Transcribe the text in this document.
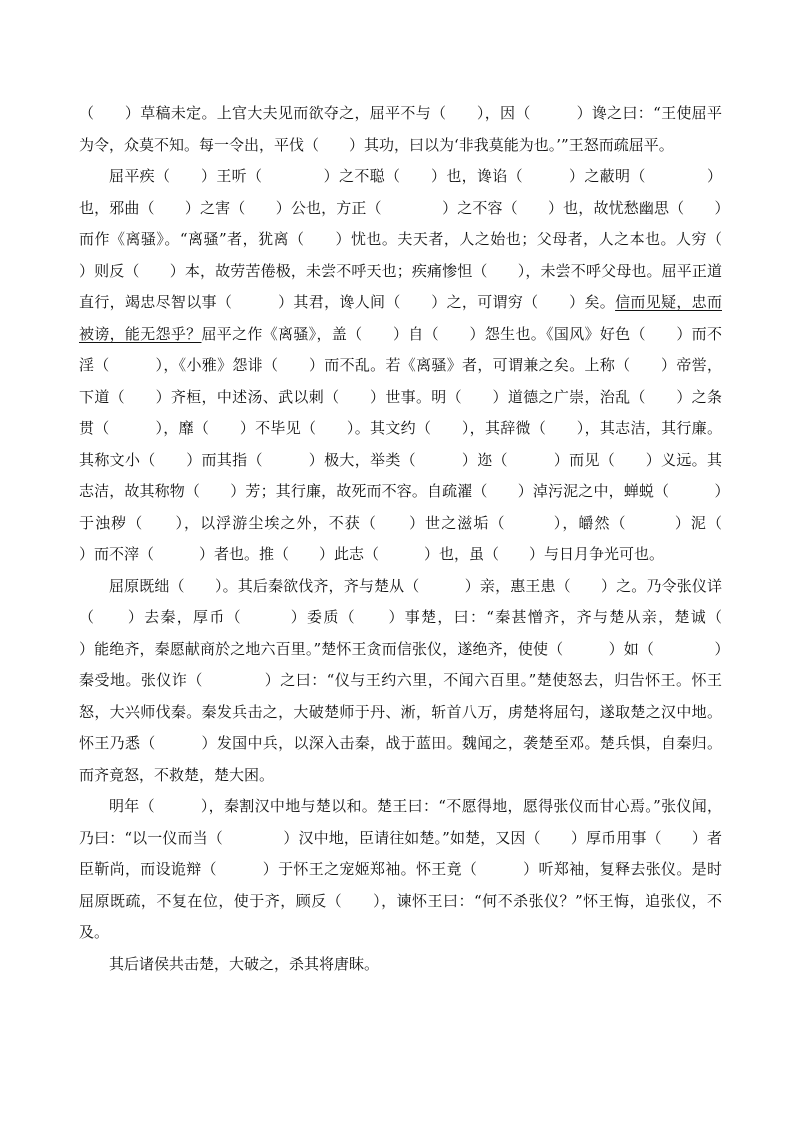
（　　）草稿未定。上官大夫见而欲夺之，屈平不与（　　），因（　　　）谗之曰：“王使屈平为令，众莫不知。每一令出，平伐（　　）其功，曰以为‘非我莫能为也。’”王怒而疏屈平。

屈平疾（　　）王听（　　　　）之不聪（　　）也，谗谄（　　　）之蔽明（　　　　）也，邪曲（　　）之害（　　）公也，方正（　　　　）之不容（　　）也，故忧愁幽思（　　）而作《离骚》。“离骚”者，犹离（　　）忧也。夫天者，人之始也；父母者，人之本也。人穷（　　）则反（　　）本，故劳苦倦极，未尝不呼天也；疾痛惨怛（　　），未尝不呼父母也。屈平正道直行，竭忠尽智以事（　　　）其君，谗人间（　　）之，可谓穷（　　）矣。信而见疑，忠而被谤，能无怨乎？屈平之作《离骚》，盖（　　）自（　　）怨生也。《国风》好色（　　）而不淫（　　　），《小雅》怨诽（　　）而不乱。若《离骚》者，可谓兼之矣。上称（　　）帝喾，下道（　　）齐桓，中述汤、武以刺（　　）世事。明（　　）道德之广崇，治乱（　　）之条贯（　　　），靡（　　）不毕见（　　）。其文约（　　），其辞微（　　），其志洁，其行廉。其称文小（　　）而其指（　　　）极大，举类（　　　）迩（　　　）而见（　　）义远。其志洁，故其称物（　　）芳；其行廉，故死而不容。自疏濯（　　）淖污泥之中，蝉蜕（　　　）于浊秽（　　），以浮游尘埃之外，不获（　　）世之滋垢（　　　），皭然（　　　）泥（　　　）而不滓（　　　）者也。推（　　）此志（　　　）也，虽（　　）与日月争光可也。

屈原既绌（　　）。其后秦欲伐齐，齐与楚从（　　　）亲，惠王患（　　）之。乃令张仪详（　　）去秦，厚币（　　　）委质（　　）事楚，曰：“秦甚憎齐，齐与楚从亲，楚诚（　　　）能绝齐，秦愿献商於之地六百里。”楚怀王贪而信张仪，遂绝齐，使使（　　　）如（　　　　）秦受地。张仪诈（　　　　）之曰：“仪与王约六里，不闻六百里。”楚使怒去，归告怀王。怀王怒，大兴师伐秦。秦发兵击之，大破楚师于丹、淅，斩首八万，虏楚将屈匄，遂取楚之汉中地。怀王乃悉（　　　）发国中兵，以深入击秦，战于蓝田。魏闻之，袭楚至邓。楚兵惧，自秦归。而齐竟怒，不救楚，楚大困。

明年（　　　），秦割汉中地与楚以和。楚王曰：“不愿得地，愿得张仪而甘心焉。”张仪闻，乃曰：“以一仪而当（　　　　）汉中地，臣请往如楚。”如楚，又因（　　）厚币用事（　　）者臣靳尚，而设诡辩（　　　）于怀王之宠姬郑袖。怀王竟（　　　）听郑袖，复释去张仪。是时屈原既疏，不复在位，使于齐，顾反（　　），谏怀王曰：“何不杀张仪？”怀王悔，追张仪，不及。

其后诸侯共击楚，大破之，杀其将唐眜。
